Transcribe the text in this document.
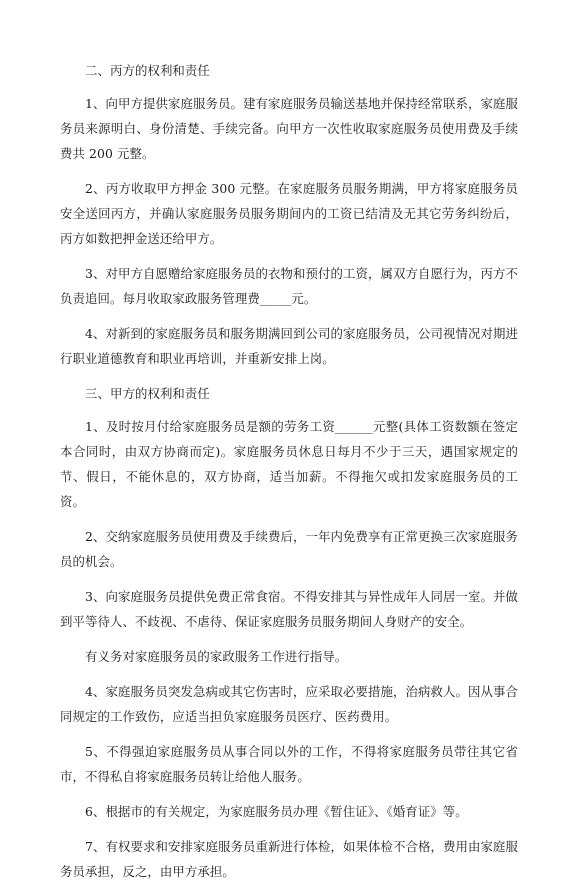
二、丙方的权利和责任

1、向甲方提供家庭服务员。建有家庭服务员输送基地并保持经常联系，家庭服务员来源明白、身份清楚、手续完备。向甲方一次性收取家庭服务员使用费及手续费共 200 元整。

2、丙方收取甲方押金 300 元整。在家庭服务员服务期满，甲方将家庭服务员安全送回丙方，并确认家庭服务员服务期间内的工资已结清及无其它劳务纠纷后，丙方如数把押金送还给甲方。

3、对甲方自愿赠给家庭服务员的衣物和预付的工资，属双方自愿行为，丙方不负责追回。每月收取家政服务管理费_____元。

4、对新到的家庭服务员和服务期满回到公司的家庭服务员，公司视情况对期进行职业道德教育和职业再培训，并重新安排上岗。

三、甲方的权利和责任

1、及时按月付给家庭服务员是额的劳务工资______元整(具体工资数额在签定本合同时，由双方协商而定)。家庭服务员休息日每月不少于三天，遇国家规定的节、假日，不能休息的，双方协商，适当加薪。不得拖欠或扣发家庭服务员的工资。

2、交纳家庭服务员使用费及手续费后，一年内免费享有正常更换三次家庭服务员的机会。

3、向家庭服务员提供免费正常食宿。不得安排其与异性成年人同居一室。并做到平等待人、不歧视、不虐待、保证家庭服务员服务期间人身财产的安全。

有义务对家庭服务员的家政服务工作进行指导。

4、家庭服务员突发急病或其它伤害时，应采取必要措施，治病救人。因从事合同规定的工作致伤，应适当担负家庭服务员医疗、医药费用。

5、不得强迫家庭服务员从事合同以外的工作，不得将家庭服务员带往其它省市，不得私自将家庭服务员转让给他人服务。

6、根据市的有关规定，为家庭服务员办理《暂住证》、《婚育证》等。

7、有权要求和安排家庭服务员重新进行体检，如果体检不合格，费用由家庭服务员承担，反之，由甲方承担。
